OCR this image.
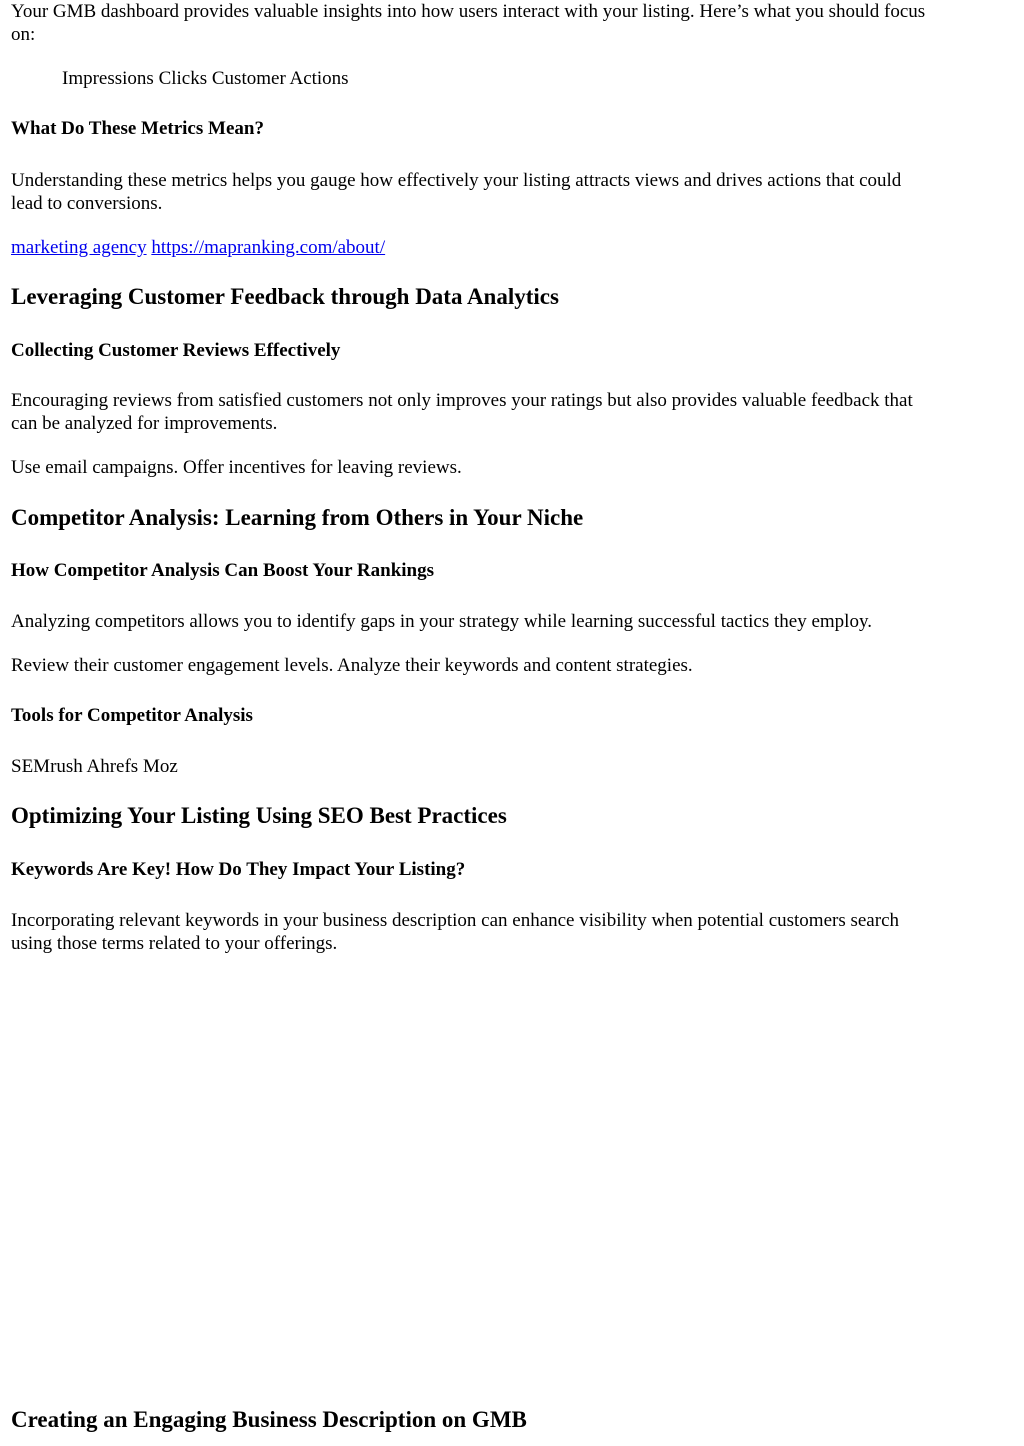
Your GMB dashboard provides valuable insights into how users interact with your listing. Here’s what you should focus

on:

Impressions Clicks Customer Actions

What Do These Metrics Mean?

Understanding these metrics helps you gauge how effectively your listing attracts views and drives actions that could

lead to conversions.

marketing agency https://mapranking.com/about/

Leveraging Customer Feedback through Data Analytics
Collecting Customer Reviews Effectively

Encouraging reviews from satisfied customers not only improves your ratings but also provides valuable feedback that

can be analyzed for improvements.

Use email campaigns. Offer incentives for leaving reviews.

Competitor Analysis: Learning from Others in Your Niche
How Competitor Analysis Can Boost Your Rankings

Analyzing competitors allows you to identify gaps in your strategy while learning successful tactics they employ.

Review their customer engagement levels. Analyze their keywords and content strategies.

Tools for Competitor Analysis

SEMrush Ahrefs Moz

Optimizing Your Listing Using SEO Best Practices
Keywords Are Key! How Do They Impact Your Listing?

Incorporating relevant keywords in your business description can enhance visibility when potential customers search

using those terms related to your offerings.

Creating an Engaging Business Description on GMB
